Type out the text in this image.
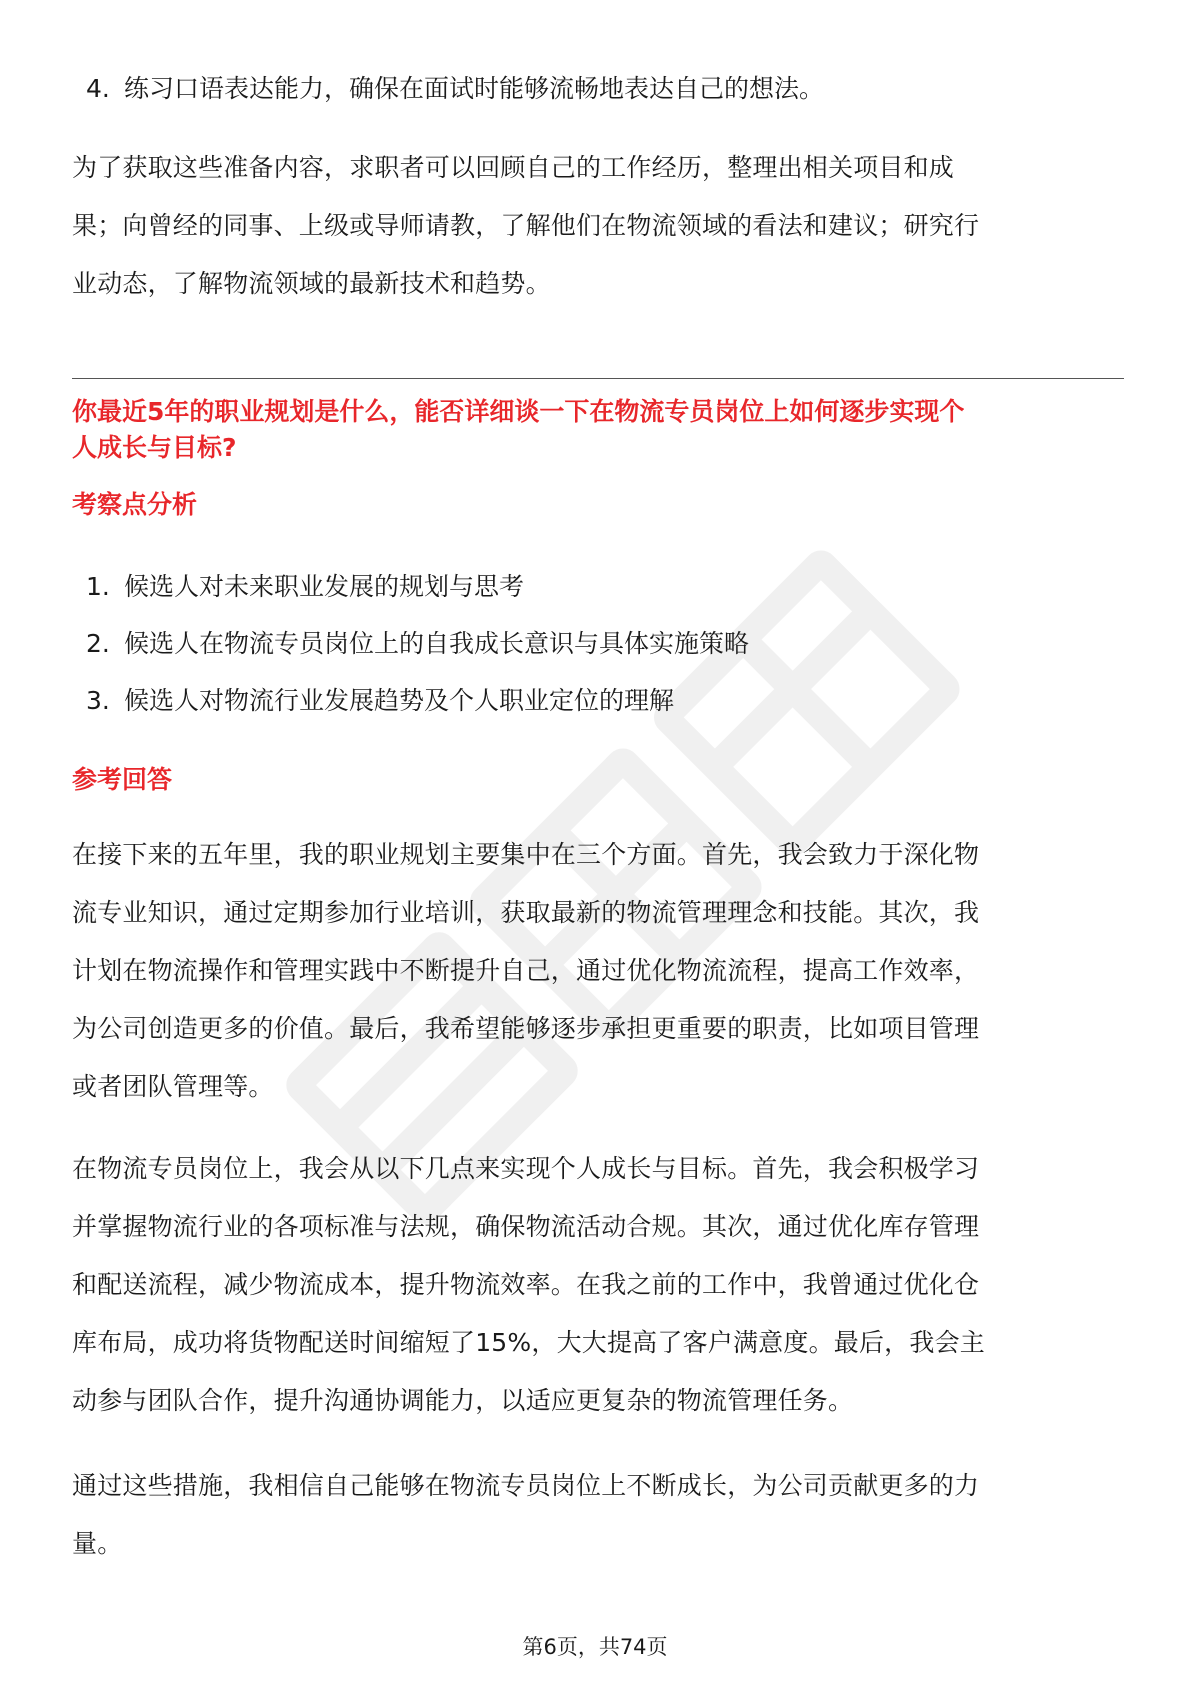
4. 练习口语表达能力，确保在面试时能够流畅地表达自己的想法。
为了获取这些准备内容，求职者可以回顾自己的工作经历，整理出相关项目和成
果；向曾经的同事、上级或导师请教，了解他们在物流领域的看法和建议；研究行
业动态，了解物流领域的最新技术和趋势。
你最近5年的职业规划是什么，能否详细谈一下在物流专员岗位上如何逐步实现个
人成长与目标?
考察点分析
1. 候选人对未来职业发展的规划与思考
2. 候选人在物流专员岗位上的自我成长意识与具体实施策略
3. 候选人对物流行业发展趋势及个人职业定位的理解
参考回答
在接下来的五年里，我的职业规划主要集中在三个方面。首先，我会致力于深化物
流专业知识，通过定期参加行业培训，获取最新的物流管理理念和技能。其次，我
计划在物流操作和管理实践中不断提升自己，通过优化物流流程，提高工作效率，
为公司创造更多的价值。最后，我希望能够逐步承担更重要的职责，比如项目管理
或者团队管理等。
在物流专员岗位上，我会从以下几点来实现个人成长与目标。首先，我会积极学习
并掌握物流行业的各项标准与法规，确保物流活动合规。其次，通过优化库存管理
和配送流程，减少物流成本，提升物流效率。在我之前的工作中，我曾通过优化仓
库布局，成功将货物配送时间缩短了15%，大大提高了客户满意度。最后，我会主
动参与团队合作，提升沟通协调能力，以适应更复杂的物流管理任务。
通过这些措施，我相信自己能够在物流专员岗位上不断成长，为公司贡献更多的力
量。
第6页，共74页
